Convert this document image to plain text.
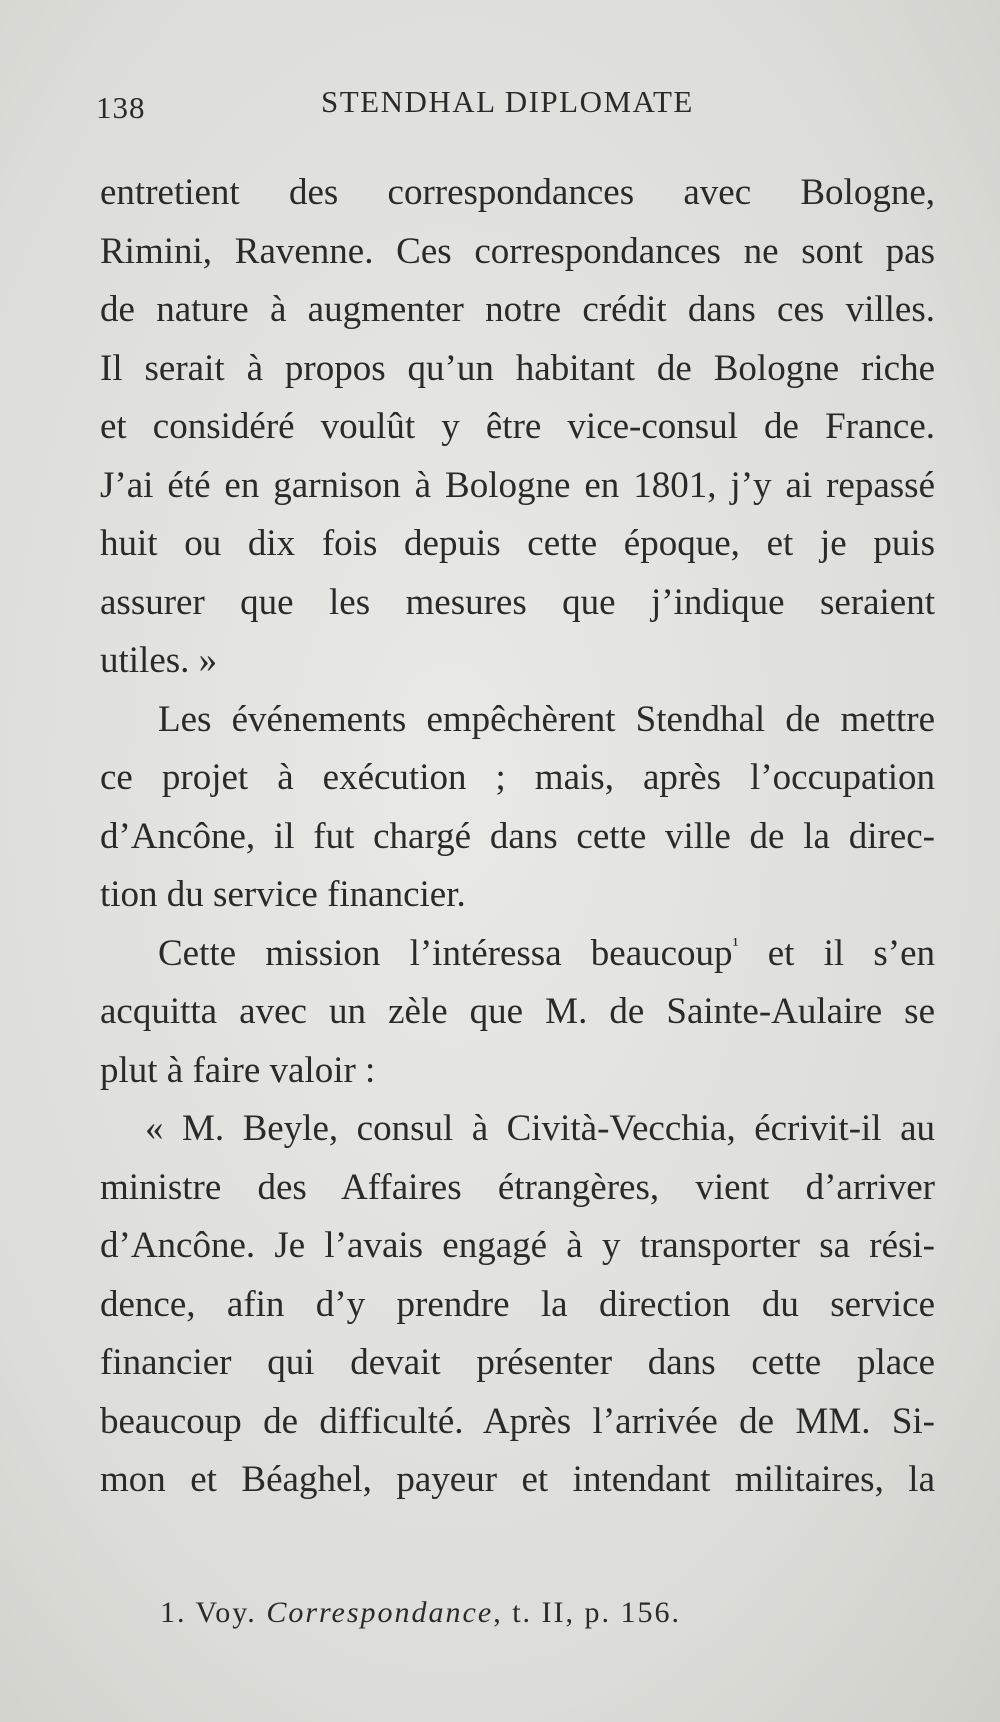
138	STENDHAL DIPLOMATE
entretient des correspondances avec Bologne,
Rimini, Ravenne. Ces correspondances ne sont pas
de nature à augmenter notre crédit dans ces villes.
Il serait à propos qu’un habitant de Bologne riche
et considéré voulût y être vice-consul de France.
J’ai été en garnison à Bologne en 1801, j’y ai repassé
huit ou dix fois depuis cette époque, et je puis
assurer que les mesures que j’indique seraient
utiles. »
Les événements empêchèrent Stendhal de mettre
ce projet à exécution ; mais, après l’occupation
d’Ancône, il fut chargé dans cette ville de la direc-
tion du service financier.
Cette mission l’intéressa beaucoup$^{^1}$ et il s’en
acquitta avec un zèle que M. de Sainte-Aulaire se
plut à faire valoir :
« M. Beyle, consul à Cività-Vecchia, écrivit-il au
ministre des Affaires étrangères, vient d’arriver
d’Ancône. Je l’avais engagé à y transporter sa rési-
dence, afin d’y prendre la direction du service
financier qui devait présenter dans cette place
beaucoup de difficulté. Après l’arrivée de MM. Si-
mon et Béaghel, payeur et intendant militaires, la
1. Voy. Correspondance, t. II, p. 156.
